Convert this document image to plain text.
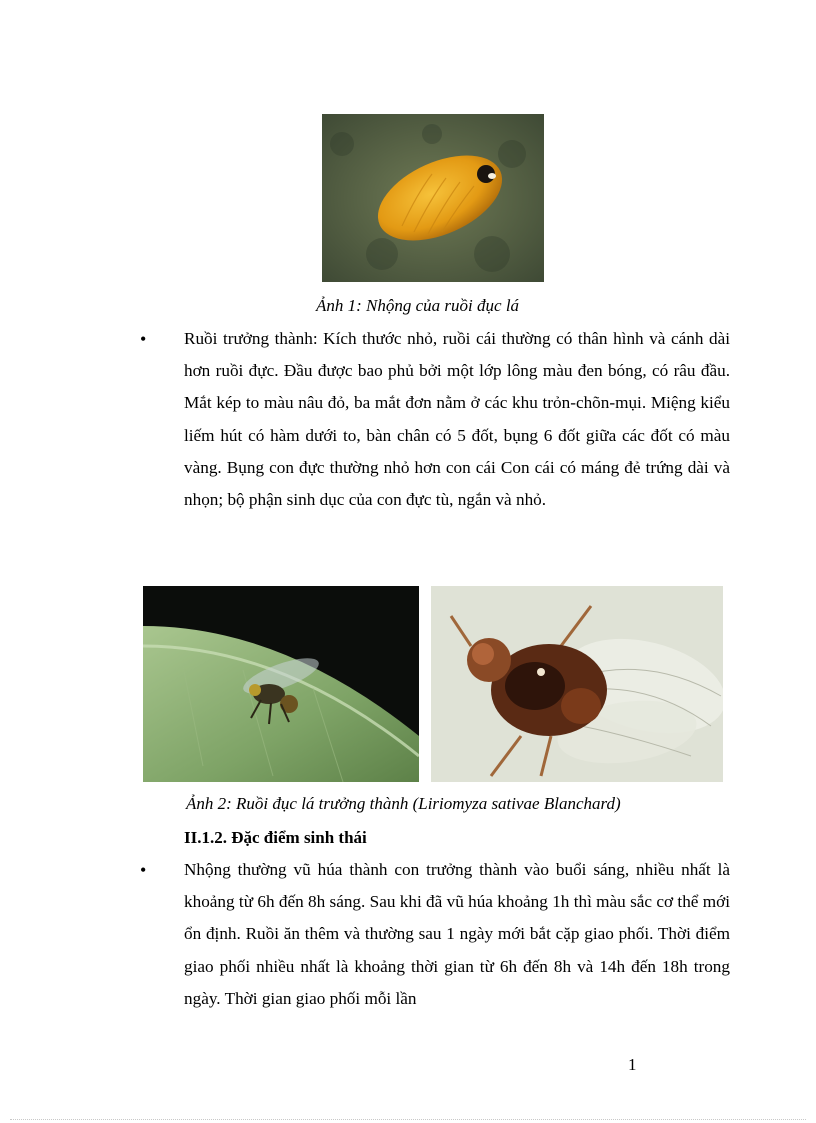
Ảnh 1: Nhộng của ruồi đục lá
• Ruồi trưởng thành: Kích thước nhỏ, ruồi cái thường có thân hình và cánh dài hơn ruồi đực. Đầu được bao phủ bởi một lớp lông màu đen bóng, có râu đầu. Mắt kép to màu nâu đỏ, ba mắt đơn nằm ở các khu trỏn-chõn-mụi. Miệng kiểu liếm hút có hàm dưới to, bàn chân có 5 đốt, bụng 6 đốt giữa các đốt có màu vàng. Bụng con đực thường nhỏ hơn con cái Con cái có máng đẻ trứng dài và nhọn; bộ phận sinh dục của con đực tù, ngắn và nhỏ.
Ảnh 2: Ruồi đục lá trưởng thành (Liriomyza sativae Blanchard)
II.1.2. Đặc điểm sinh thái
• Nhộng thường vũ húa thành con trưởng thành vào buổi sáng, nhiều nhất là khoảng từ 6h đến 8h sáng. Sau khi đã vũ húa khoảng 1h thì màu sắc cơ thể mới ổn định. Ruồi ăn thêm và thường sau 1 ngày mới bắt cặp giao phối. Thời điểm giao phối nhiều nhất là khoảng thời gian từ 6h đến 8h và 14h đến 18h trong ngày. Thời gian giao phối mỗi lần
1
